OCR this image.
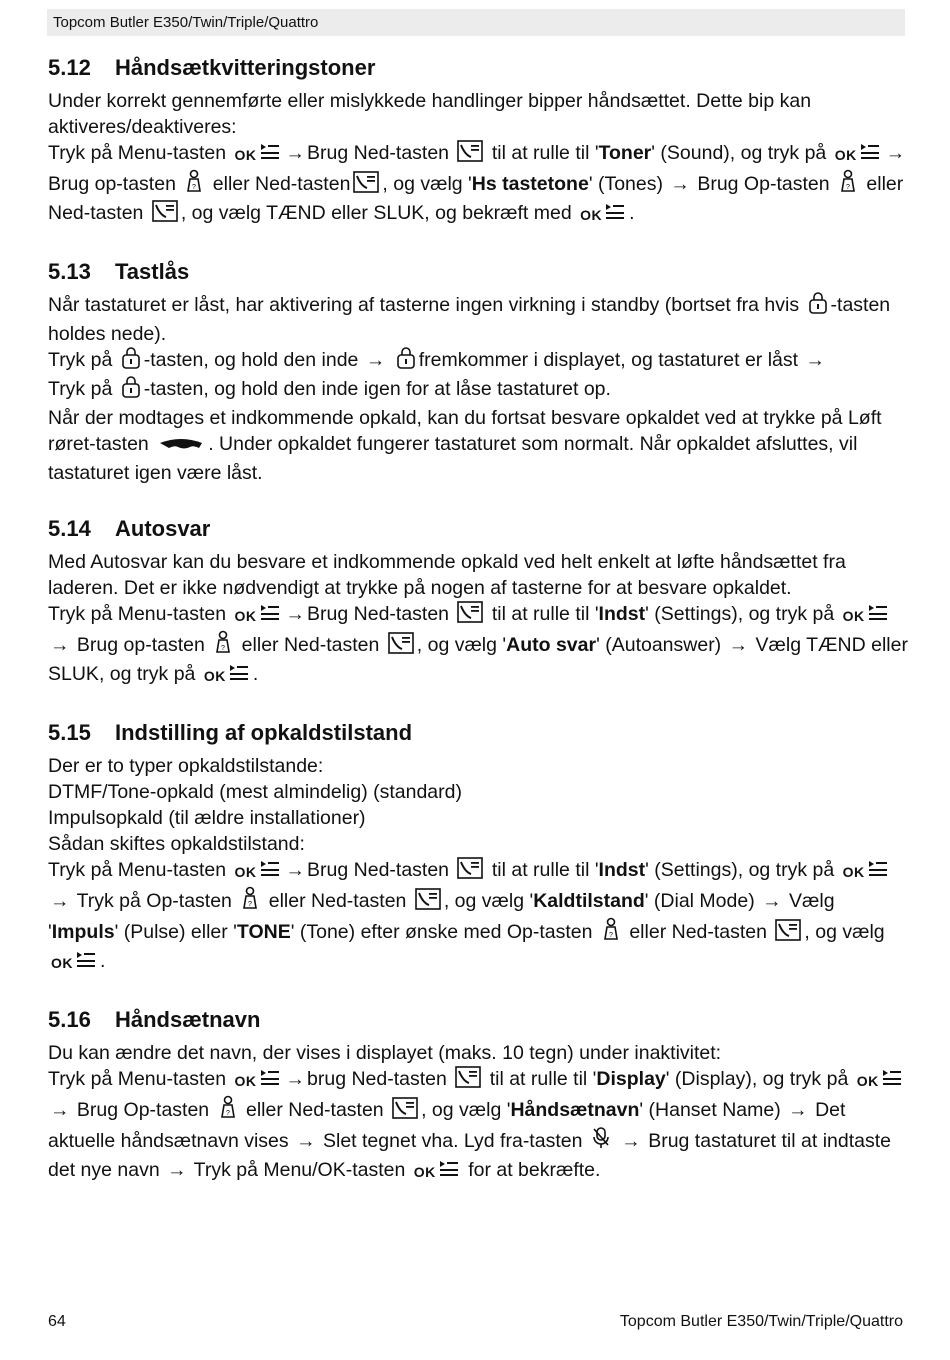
Topcom Butler E350/Twin/Triple/Quattro
5.12 Håndsætkvitteringstoner

Under korrekt gennemførte eller mislykkede handlinger bipper håndsættet. Dette bip kan aktiveres/deaktiveres:

Tryk på Menu-tasten OK → Brug Ned-tasten  til at rulle til 'Toner' (Sound), og tryk på OK → Brug op-tasten ? eller Ned-tasten , og vælg 'Hs tastetone' (Tones) → Brug Op-tasten ? eller Ned-tasten , og vælg TÆND eller SLUK, og bekræft med OK .

5.13 Tastlås

Når tastaturet er låst, har aktivering af tasterne ingen virkning i standby (bortset fra hvis -tasten holdes nede).

Tryk på -tasten, og hold den inde → fremkommer i displayet, og tastaturet er låst →

Tryk på -tasten, og hold den inde igen for at låse tastaturet op.

Når der modtages et indkommende opkald, kan du fortsat besvare opkaldet ved at trykke på Løft røret-tasten	. Under opkaldet fungerer tastaturet som normalt. Når opkaldet afsluttes, vil tastaturet igen være låst.

5.14 Autosvar

Med Autosvar kan du besvare et indkommende opkald ved helt enkelt at løfte håndsættet fra laderen. Det er ikke nødvendigt at trykke på nogen af tasterne for at besvare opkaldet.

Tryk på Menu-tasten OK → Brug Ned-tasten  til at rulle til 'Indst' (Settings), og tryk på OK→ Brug op-tasten ? eller Ned-tasten , og vælg 'Auto svar' (Autoanswer) → Vælg TÆND eller SLUK, og tryk på OK .

5.15 Indstilling af opkaldstilstand

Der er to typer opkaldstilstande:

DTMF/Tone-opkald (mest almindelig) (standard)

Impulsopkald (til ældre installationer)

Sådan skiftes opkaldstilstand:

Tryk på Menu-tasten OK → Brug Ned-tasten  til at rulle til 'Indst' (Settings), og tryk på OK→ Tryk på Op-tasten ? eller Ned-tasten , og vælg 'Kaldtilstand' (Dial Mode) → Vælg 'Impuls' (Pulse) eller 'TONE' (Tone) efter ønske med Op-tasten ? eller Ned-tasten , og vælg OK .

5.16 Håndsætnavn

Du kan ændre det navn, der vises i displayet (maks. 10 tegn) under inaktivitet:

Tryk på Menu-tasten OK → brug Ned-tasten  til at rulle til 'Display' (Display), og tryk på OK→ Brug Op-tasten ? eller Ned-tasten , og vælg 'Håndsætnavn' (Hanset Name) → Det aktuelle håndsætnavn vises → Slet tegnet vha. Lyd fra-tasten → Brug tastaturet til at indtaste det nye navn → Tryk på Menu/OK-tasten OK for at bekræfte.

64	Topcom Butler E350/Twin/Triple/Quattro
